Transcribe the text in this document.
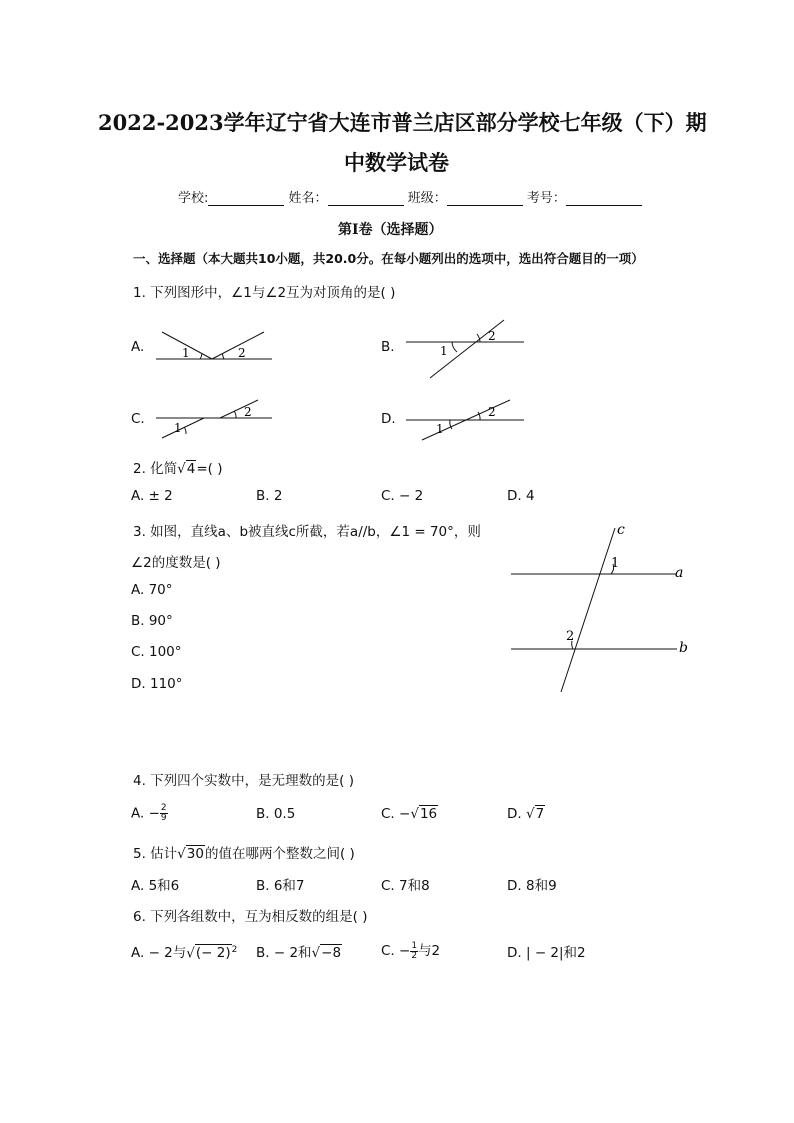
2022-2023学年辽宁省大连市普兰店区部分学校七年级（下）期
中数学试卷
学校:	姓名：	班级：	考号：
第I卷（选择题）
一、选择题（本大题共10小题，共20.0分。在每小题列出的选项中，选出符合题目的一项）
1. 下列图形中，∠1与∠2互为对顶角的是( )
A.	B.
C.	D.
1	2	1
2
1
2
1
2
2. 化简√4=( )
A. ± 2	B. 2	C. − 2	D. 4
3. 如图，直线a、b被直线c所截，若a//b，∠1 = 70°，则
∠2的度数是( )
A. 70°
B. 90°
C. 100°
D. 110°
c
1
a
2
b
4. 下列四个实数中，是无理数的是( )
A. − $\frac{2}{9}$	B. 0.5	C. −√16	D. √7
5. 估计√30的值在哪两个整数之间( )
A. 5和6	B. 6和7	C. 7和8	D. 8和9
6. 下列各组数中，互为相反数的组是( )
A. − 2与√(− 2)$^2$ B. − 2和√−8	C. − $\frac{1}{2}$ 与2	D. | − 2|和2
